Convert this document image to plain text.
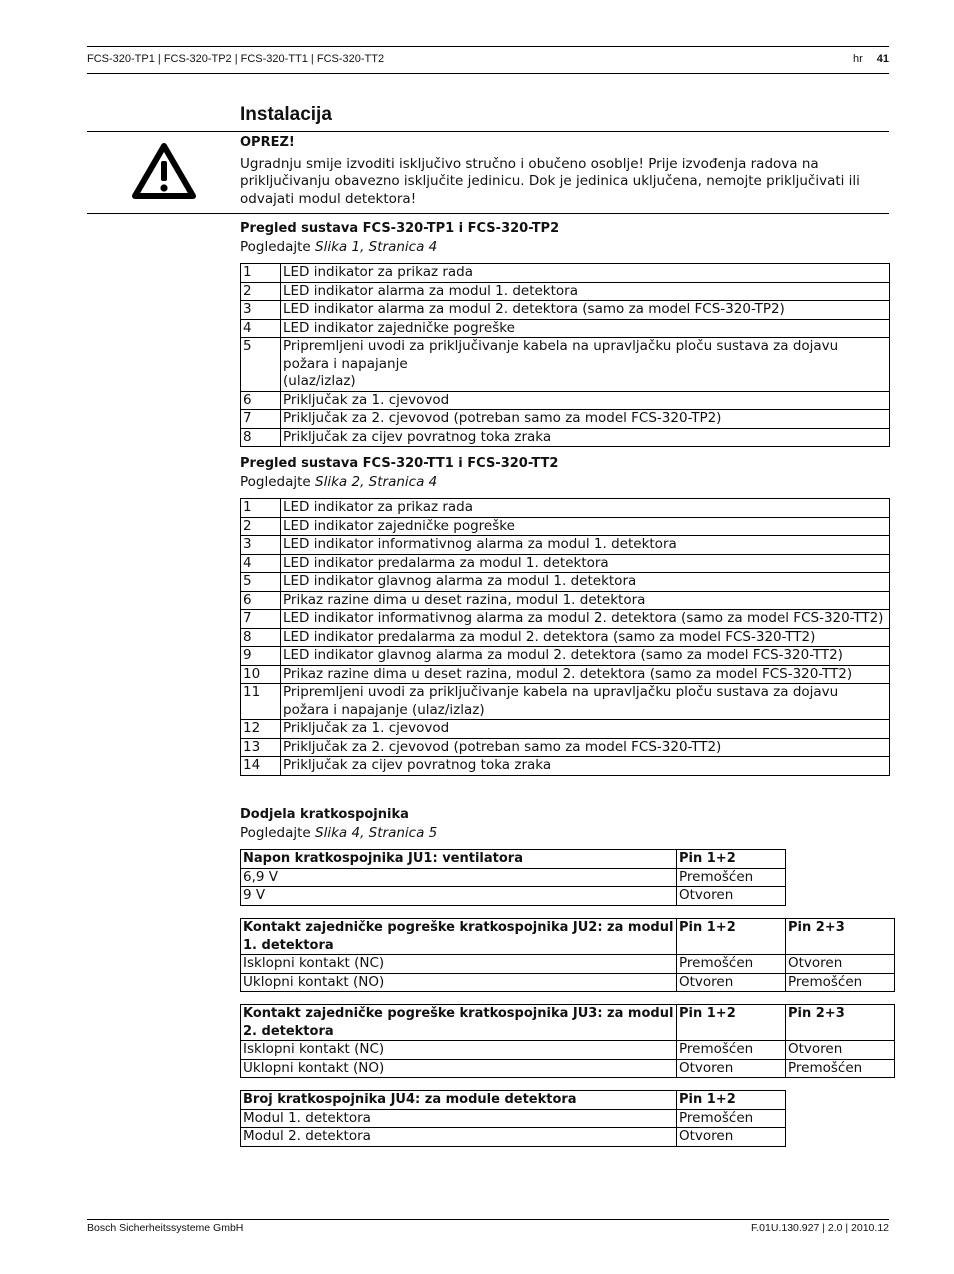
FCS-320-TP1 | FCS-320-TP2 | FCS-320-TT1 | FCS-320-TT2	hr 41
Instalacija
OPREZ!
Ugradnju smije izvoditi isključivo stručno i obučeno osoblje! Prije izvođenja radova na priključivanju obavezno isključite jedinicu. Dok je jedinica uključena, nemojte priključivati ili odvajati modul detektora!
Pregled sustava FCS-320-TP1 i FCS-320-TP2
Pogledajte Slika 1, Stranica 4
1	LED indikator za prikaz rada
2	LED indikator alarma za modul 1. detektora
3	LED indikator alarma za modul 2. detektora (samo za model FCS-320-TP2)
4	LED indikator zajedničke pogreške
5	Pripremljeni uvodi za priključivanje kabela na upravljačku ploču sustava za dojavu požara i napajanje
(ulaz/izlaz)
6	Priključak za 1. cjevovod
7	Priključak za 2. cjevovod (potreban samo za model FCS-320-TP2)
8	Priključak za cijev povratnog toka zraka
Pregled sustava FCS-320-TT1 i FCS-320-TT2
Pogledajte Slika 2, Stranica 4
1	LED indikator za prikaz rada
2	LED indikator zajedničke pogreške
3	LED indikator informativnog alarma za modul 1. detektora
4	LED indikator predalarma za modul 1. detektora
5	LED indikator glavnog alarma za modul 1. detektora
6	Prikaz razine dima u deset razina, modul 1. detektora
7	LED indikator informativnog alarma za modul 2. detektora (samo za model FCS-320-TT2)
8	LED indikator predalarma za modul 2. detektora (samo za model FCS-320-TT2)
9	LED indikator glavnog alarma za modul 2. detektora (samo za model FCS-320-TT2)
10	Prikaz razine dima u deset razina, modul 2. detektora (samo za model FCS-320-TT2)
11	Pripremljeni uvodi za priključivanje kabela na upravljačku ploču sustava za dojavu požara i napajanje (ulaz/izlaz)
12	Priključak za 1. cjevovod
13	Priključak za 2. cjevovod (potreban samo za model FCS-320-TT2)
14	Priključak za cijev povratnog toka zraka
Dodjela kratkospojnika
Pogledajte Slika 4, Stranica 5
Napon kratkospojnika JU1: ventilatora	Pin 1+2
6,9 V	Premošćen
9 V	Otvoren
Kontakt zajedničke pogreške kratkospojnika JU2: za modul 1. detektora	Pin 1+2	Pin 2+3
Isklopni kontakt (NC)	Premošćen	Otvoren
Uklopni kontakt (NO)	Otvoren	Premošćen
Kontakt zajedničke pogreške kratkospojnika JU3: za modul 2. detektora	Pin 1+2	Pin 2+3
Isklopni kontakt (NC)	Premošćen	Otvoren
Uklopni kontakt (NO)	Otvoren	Premošćen
Broj kratkospojnika JU4: za module detektora	Pin 1+2
Modul 1. detektora	Premošćen
Modul 2. detektora	Otvoren
Bosch Sicherheitssysteme GmbH	F.01U.130.927 | 2.0 | 2010.12
